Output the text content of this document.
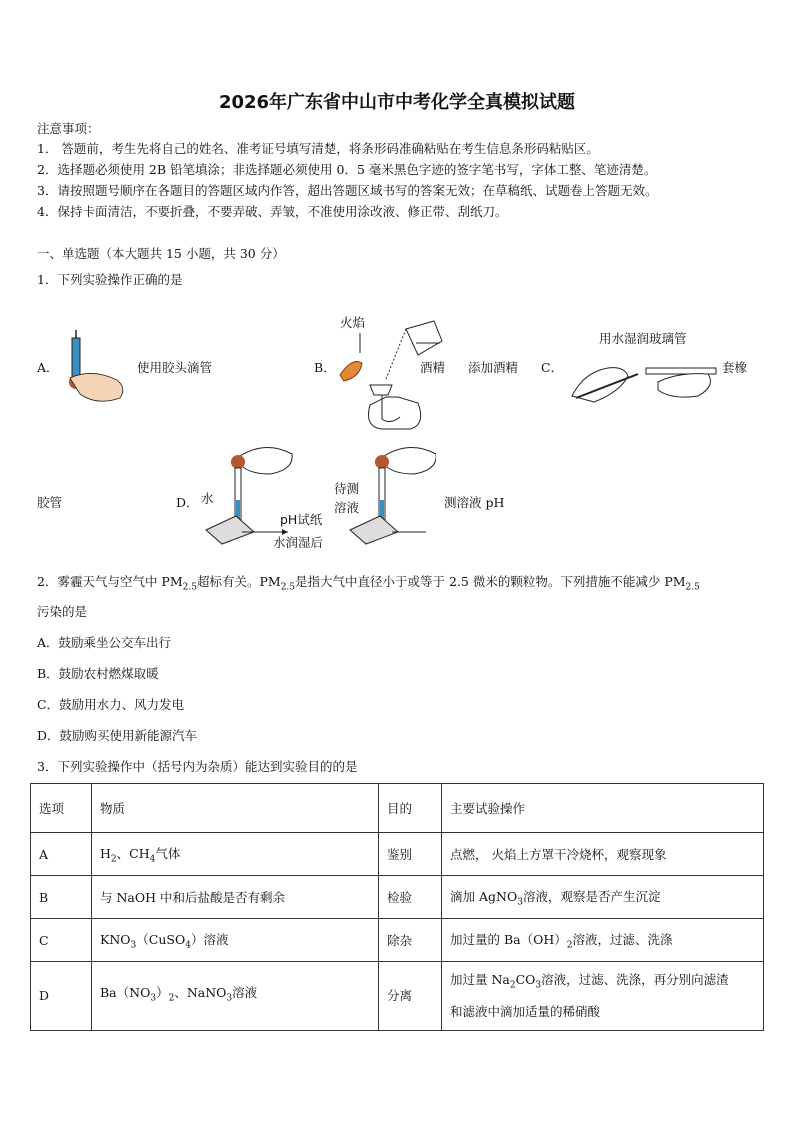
2026年广东省中山市中考化学全真模拟试题
注意事项：
1． 答题前，考生先将自己的姓名、准考证号填写清楚，将条形码准确粘贴在考生信息条形码粘贴区。
2．选择题必须使用 2B 铅笔填涂；非选择题必须使用 0．5 毫米黑色字迹的签字笔书写，字体工整、笔迹清楚。
3．请按照题号顺序在各题目的答题区域内作答，超出答题区域书写的答案无效；在草稿纸、试题卷上答题无效。
4．保持卡面清洁，不要折叠，不要弄破、弄皱，不准使用涂改液、修正带、刮纸刀。
一、单选题（本大题共 15 小题，共 30 分）
1．下列实验操作正确的是
A．	使用胶头滴管	B．
火焰
酒精 添加酒精 C．
用水湿润玻璃管
套橡
胶管	D． 水
待测
溶液
pH试纸
水润湿后
测溶液 pH
2．雾霾天气与空气中 $PM_{2.5}$超标有关。$PM_{2.5}$是指大气中直径小于或等于 2.5 微米的颗粒物。下列措施不能减少 $PM_{2.5}$
污染的是
A．鼓励乘坐公交车出行
B．鼓励农村燃煤取暖
C．鼓励用水力、风力发电
D．鼓励购买使用新能源汽车
3．下列实验操作中（括号内为杂质）能达到实验目的的是
选项	物质	目的	主要试验操作
A	$H_2$、$CH_4$气体	鉴别	点燃， 火焰上方罩干冷烧杯，观察现象
B	与 NaOH 中和后盐酸是否有剩余	检验	滴加 AgNO$_3$溶液，观察是否产生沉淀
C	$KNO_3(CuSO_4)$溶液	除杂	加过量的 $Ba(OH)_2$溶液，过滤、洗涤
D	$Ba(NO_3)_2$、NaNO$_3$溶液	分离	加过量 $Na_2CO_3$溶液，过滤、洗涤，再分别向滤渣
和滤液中滴加适量的稀硝酸
